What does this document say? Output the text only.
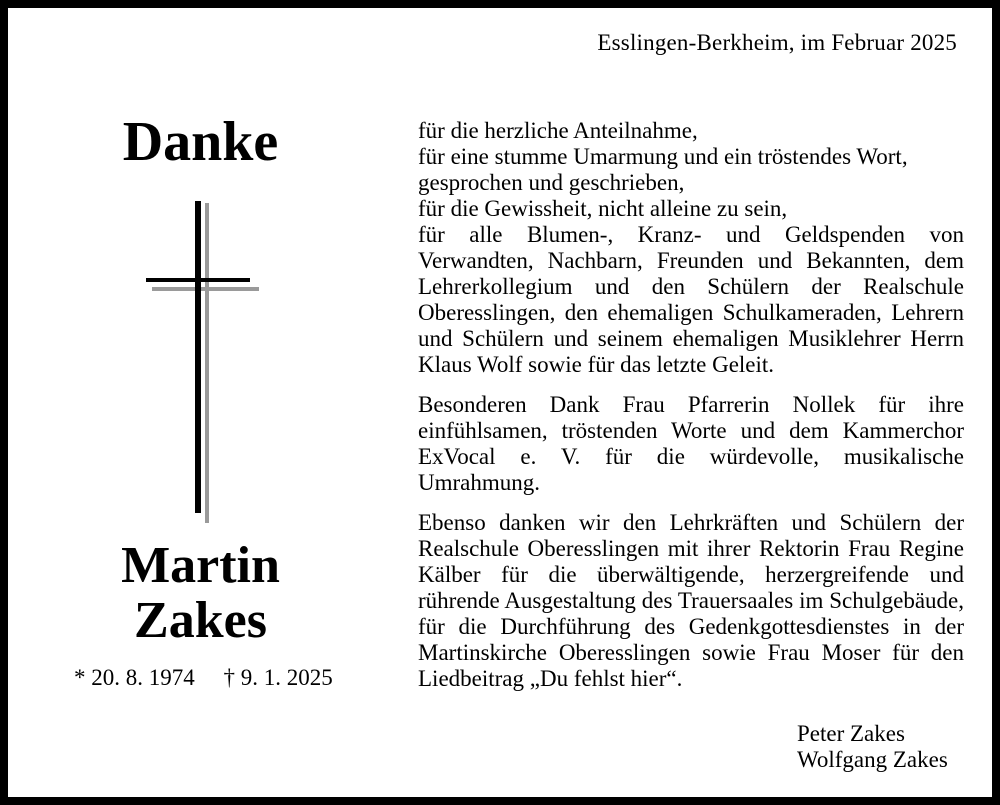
Esslingen-Berkheim, im Februar 2025
Danke
Martin
Zakes
* 20. 8. 1974     † 9. 1. 2025

für die herzliche Anteilnahme,
für eine stumme Umarmung und ein tröstendes Wort,
gesprochen und geschrieben,
für die Gewissheit, nicht alleine zu sein,
für alle Blumen-, Kranz- und Geldspenden von Verwandten, Nachbarn, Freunden und Bekannten, dem Lehrerkollegium und den Schülern der Realschule Oberesslingen, den ehemaligen Schulkameraden, Lehrern und Schülern und seinem ehemaligen Musiklehrer Herrn Klaus Wolf sowie für das letzte Geleit.

Besonderen Dank Frau Pfarrerin Nollek für ihre einfühlsamen, tröstenden Worte und dem Kammerchor ExVocal e. V. für die würdevolle, musikalische Umrahmung.

Ebenso danken wir den Lehrkräften und Schülern der Realschule Oberesslingen mit ihrer Rektorin Frau Regine Kälber für die überwältigende, herzergreifende und rührende Ausgestaltung des Trauersaales im Schulgebäude, für die Durchführung des Gedenkgottesdienstes in der Martinskirche Oberesslingen sowie Frau Moser für den Liedbeitrag „Du fehlst hier“.

Peter Zakes
Wolfgang Zakes
